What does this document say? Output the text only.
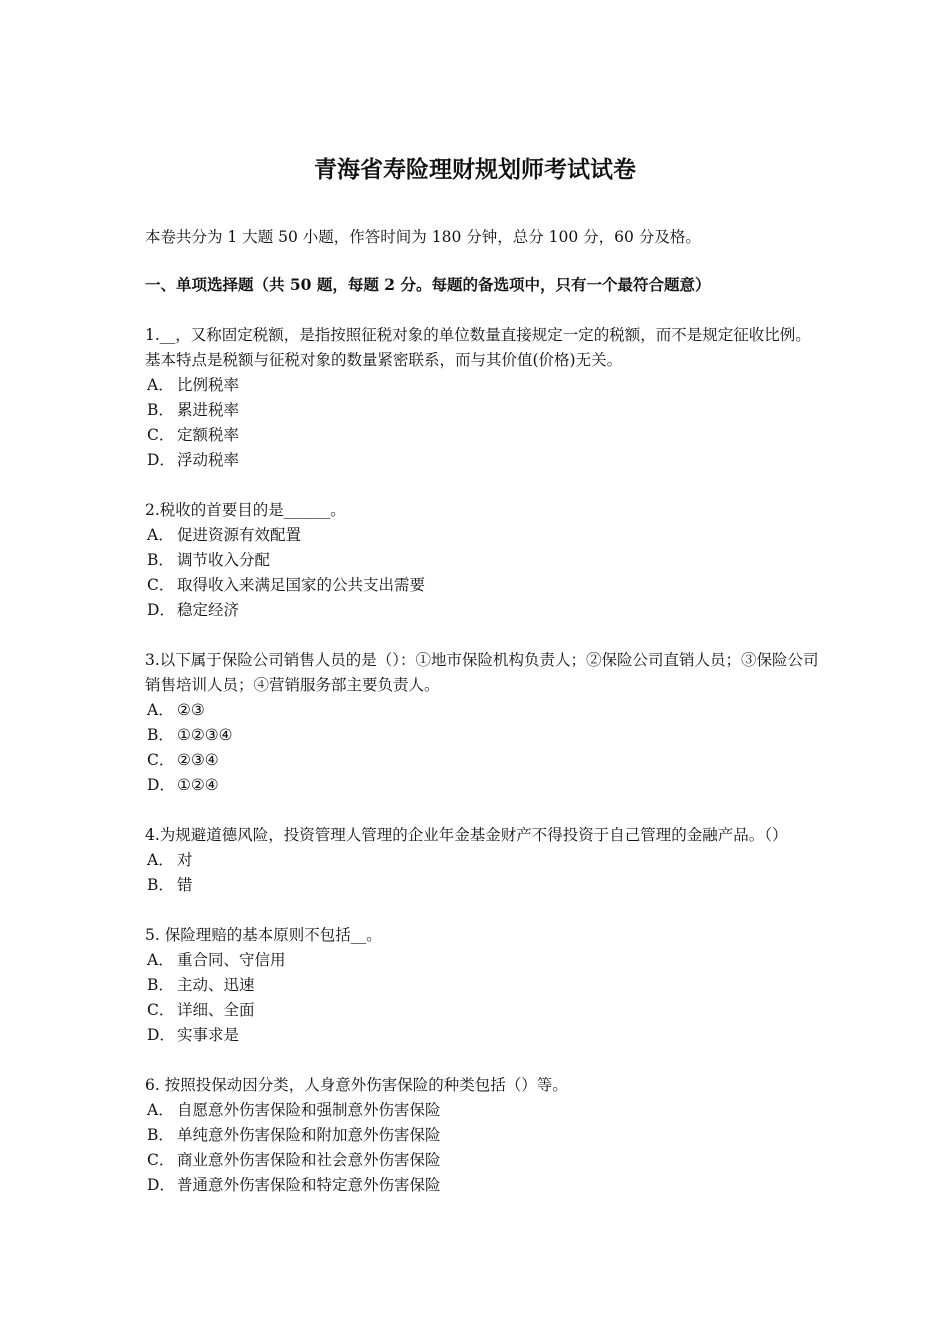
青海省寿险理财规划师考试试卷

本卷共分为 1 大题 50 小题，作答时间为 180 分钟，总分 100 分，60 分及格。

一、单项选择题（共 50 题，每题 2 分。每题的备选项中，只有一个最符合题意）

1.__，又称固定税额，是指按照征税对象的单位数量直接规定一定的税额，而不是规定征收比例。基本特点是税额与征税对象的数量紧密联系，而与其价值(价格)无关。

A． 比例税率
B． 累进税率
C． 定额税率
D． 浮动税率

2.税收的首要目的是______。

A． 促进资源有效配置
B． 调节收入分配
C． 取得收入来满足国家的公共支出需要
D． 稳定经济

3.以下属于保险公司销售人员的是（）：①地市保险机构负责人；②保险公司直销人员；③保险公司销售培训人员；④营销服务部主要负责人。

A． ②③
B． ①②③④
C． ②③④
D． ①②④

4.为规避道德风险，投资管理人管理的企业年金基金财产不得投资于自己管理的金融产品。（）

A． 对
B． 错

5. 保险理赔的基本原则不包括__。

A． 重合同、守信用
B． 主动、迅速
C． 详细、全面
D． 实事求是

6. 按照投保动因分类，人身意外伤害保险的种类包括（）等。

A． 自愿意外伤害保险和强制意外伤害保险
B． 单纯意外伤害保险和附加意外伤害保险
C． 商业意外伤害保险和社会意外伤害保险
D． 普通意外伤害保险和特定意外伤害保险
